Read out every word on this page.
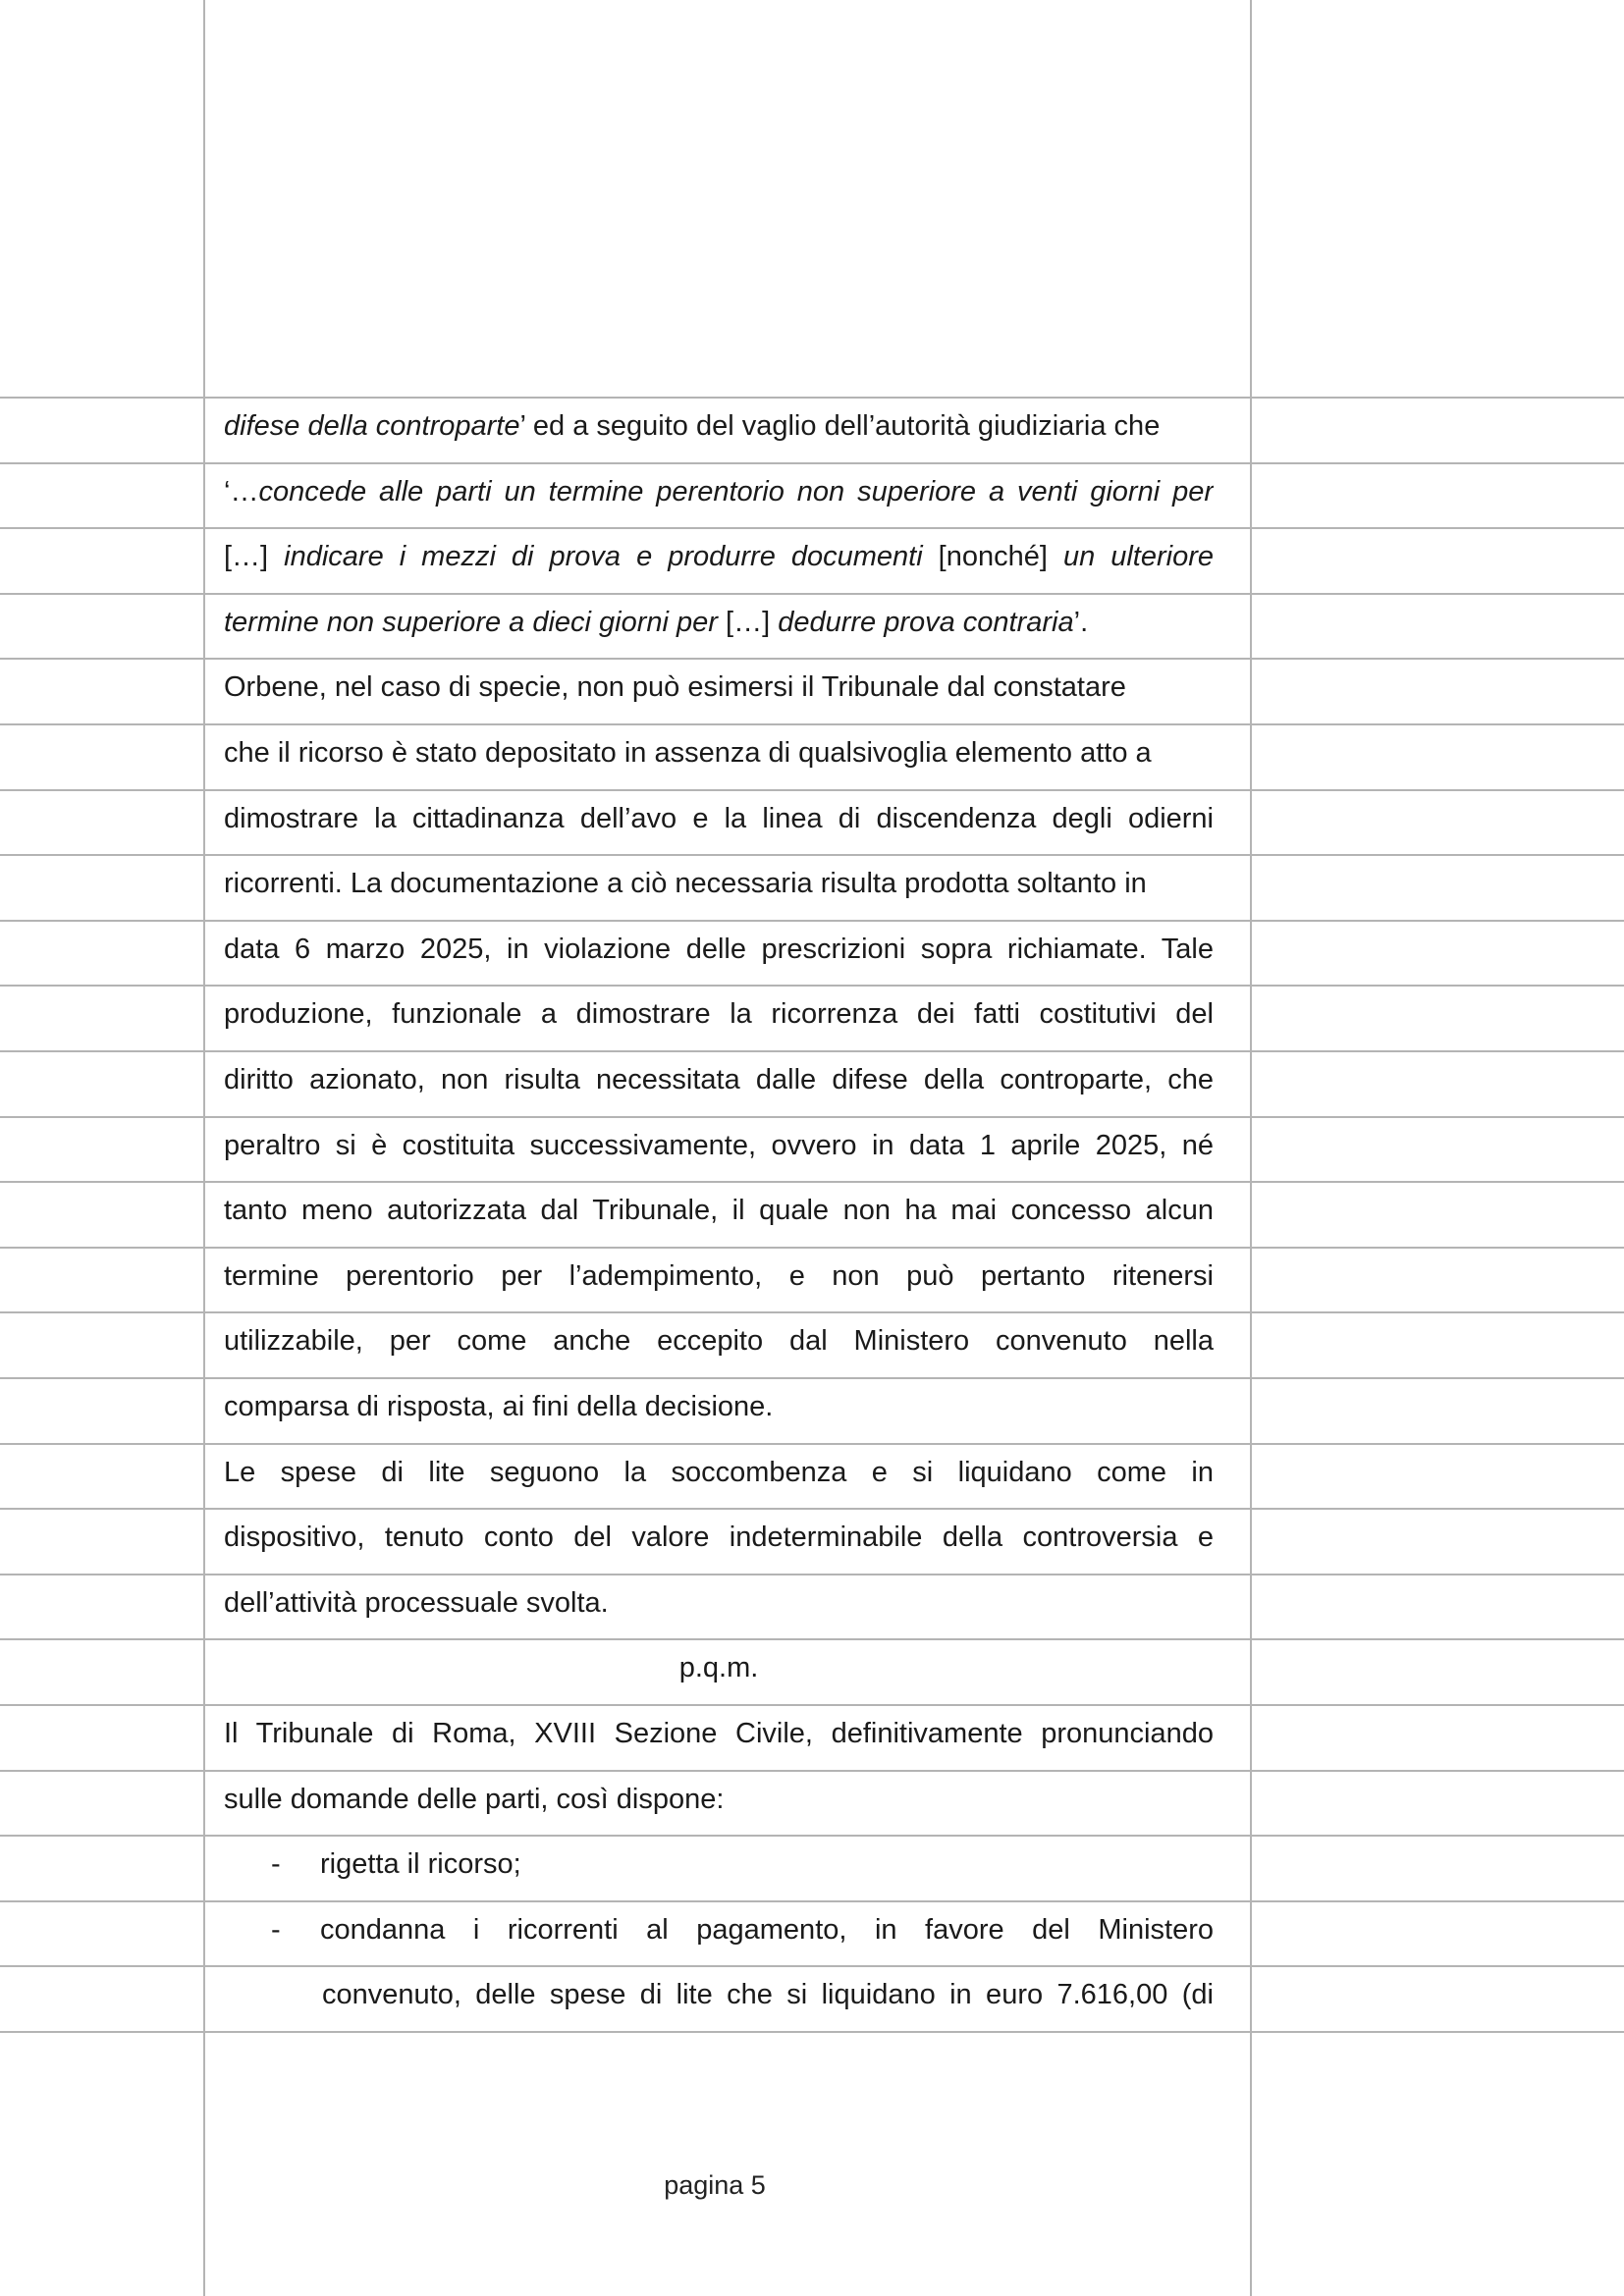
difese della controparte’ ed a seguito del vaglio dell’autorità giudiziaria che
‘…concede alle parti un termine perentorio non superiore a venti giorni per
[…] indicare i mezzi di prova e produrre documenti [nonché] un ulteriore
termine non superiore a dieci giorni per […] dedurre prova contraria’.
Orbene, nel caso di specie, non può esimersi il Tribunale dal constatare
che il ricorso è stato depositato in assenza di qualsivoglia elemento atto a
dimostrare la cittadinanza dell’avo e la linea di discendenza degli odierni
ricorrenti. La documentazione a ciò necessaria risulta prodotta soltanto in
data 6 marzo 2025, in violazione delle prescrizioni sopra richiamate. Tale
produzione, funzionale a dimostrare la ricorrenza dei fatti costitutivi del
diritto azionato, non risulta necessitata dalle difese della controparte, che
peraltro si è costituita successivamente, ovvero in data 1 aprile 2025, né
tanto meno autorizzata dal Tribunale, il quale non ha mai concesso alcun
termine perentorio per l’adempimento, e non può pertanto ritenersi
utilizzabile, per come anche eccepito dal Ministero convenuto nella
comparsa di risposta, ai fini della decisione.
Le spese di lite seguono la soccombenza e si liquidano come in
dispositivo, tenuto conto del valore indeterminabile della controversia e
dell’attività processuale svolta.
p.q.m.
Il Tribunale di Roma, XVIII Sezione Civile, definitivamente pronunciando
sulle domande delle parti, così dispone:
-	rigetta il ricorso;
-	condanna i ricorrenti al pagamento, in favore del Ministero
convenuto, delle spese di lite che si liquidano in euro 7.616,00 (di
pagina 5
